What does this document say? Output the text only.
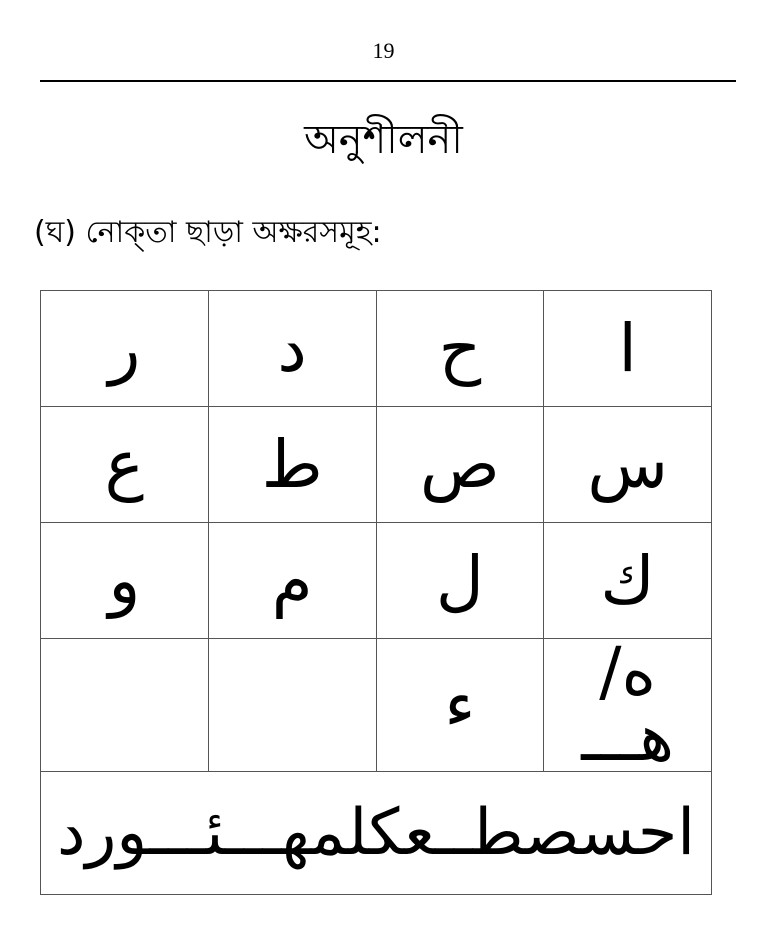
19
অনুশীলনী
(ঘ) নোক্‌তা ছাড়া অক্ষরসমূহ:
ر	د	ح	ا
ع	ط	ص	س
و	م	ل	ك
		ء	ه/ هـــ
احسصطــعكلمهـــئـــورد			
